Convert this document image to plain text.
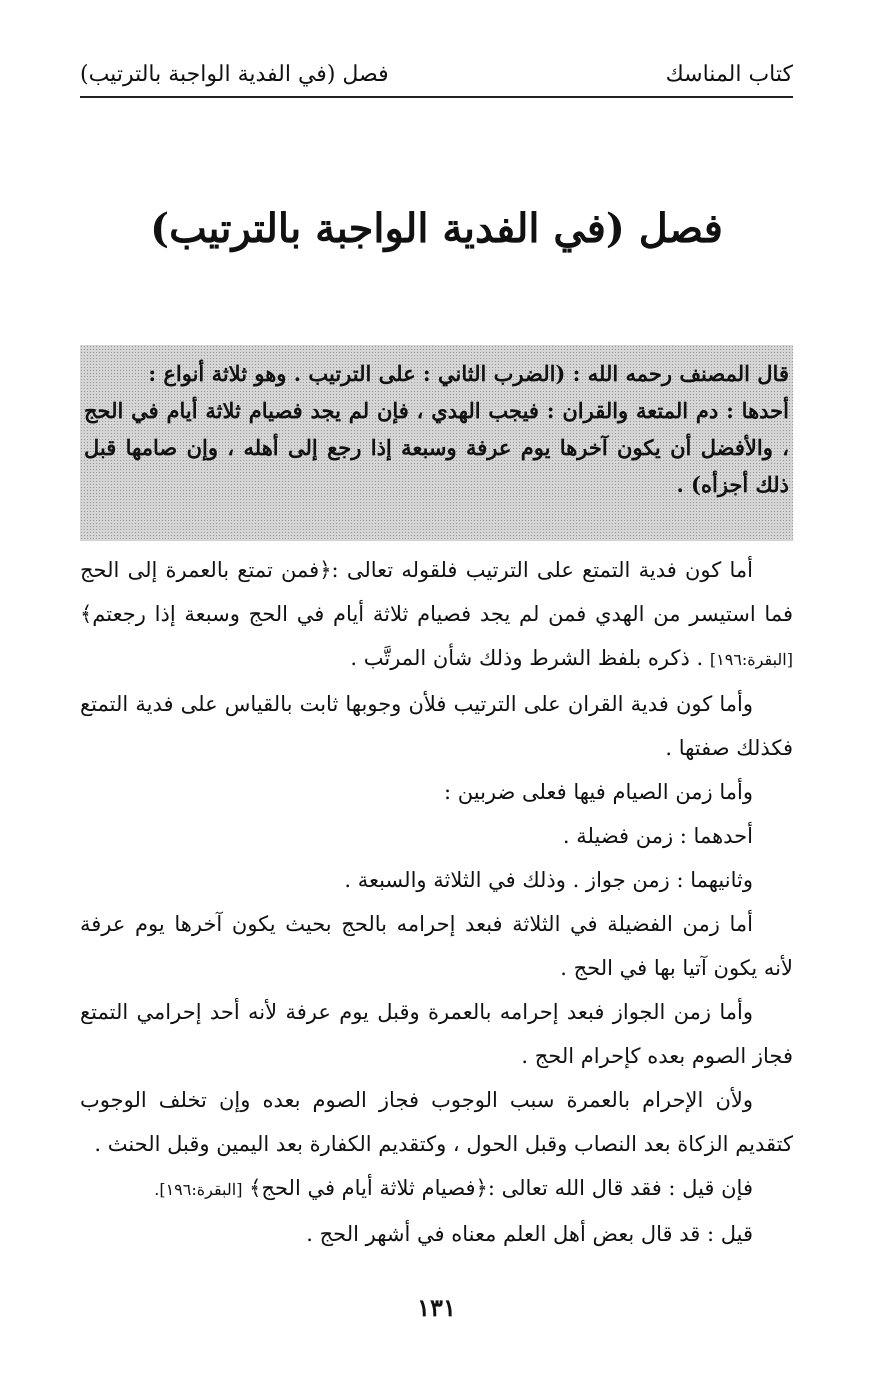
كتاب المناسك
فصل (في الفدية الواجبة بالترتيب)
فصل (في الفدية الواجبة بالترتيب)

قال المصنف رحمه الله : (الضرب الثاني : على الترتيب . وهو ثلاثة أنواع :

أحدها : دم المتعة والقران : فيجب الهدي ، فإن لم يجد فصيام ثلاثة أيام في الحج ، والأفضل أن يكون آخرها يوم عرفة وسبعة إذا رجع إلى أهله ، وإن صامها قبل ذلك أجزأه) .

أما كون فدية التمتع على الترتيب فلقوله تعالى :﴿فمن تمتع بالعمرة إلى الحج فما استيسر من الهدي فمن لم يجد فصيام ثلاثة أيام في الحج وسبعة إذا رجعتم﴾ [البقرة:١٩٦] . ذكره بلفظ الشرط وذلك شأن المرتَّب .

وأما كون فدية القران على الترتيب فلأن وجوبها ثابت بالقياس على فدية التمتع فكذلك صفتها .

وأما زمن الصيام فيها فعلى ضربين :

أحدهما : زمن فضيلة .

وثانيهما : زمن جواز . وذلك في الثلاثة والسبعة .

أما زمن الفضيلة في الثلاثة فبعد إحرامه بالحج بحيث يكون آخرها يوم عرفة لأنه يكون آتيا بها في الحج .

وأما زمن الجواز فبعد إحرامه بالعمرة وقبل يوم عرفة لأنه أحد إحرامي التمتع فجاز الصوم بعده كإحرام الحج .

ولأن الإحرام بالعمرة سبب الوجوب فجاز الصوم بعده وإن تخلف الوجوب كتقديم الزكاة بعد النصاب وقبل الحول ، وكتقديم الكفارة بعد اليمين وقبل الحنث .

فإن قيل : فقد قال الله تعالى :﴿فصيام ثلاثة أيام في الحج﴾ [البقرة:١٩٦].

قيل : قد قال بعض أهل العلم معناه في أشهر الحج .

١٣١
